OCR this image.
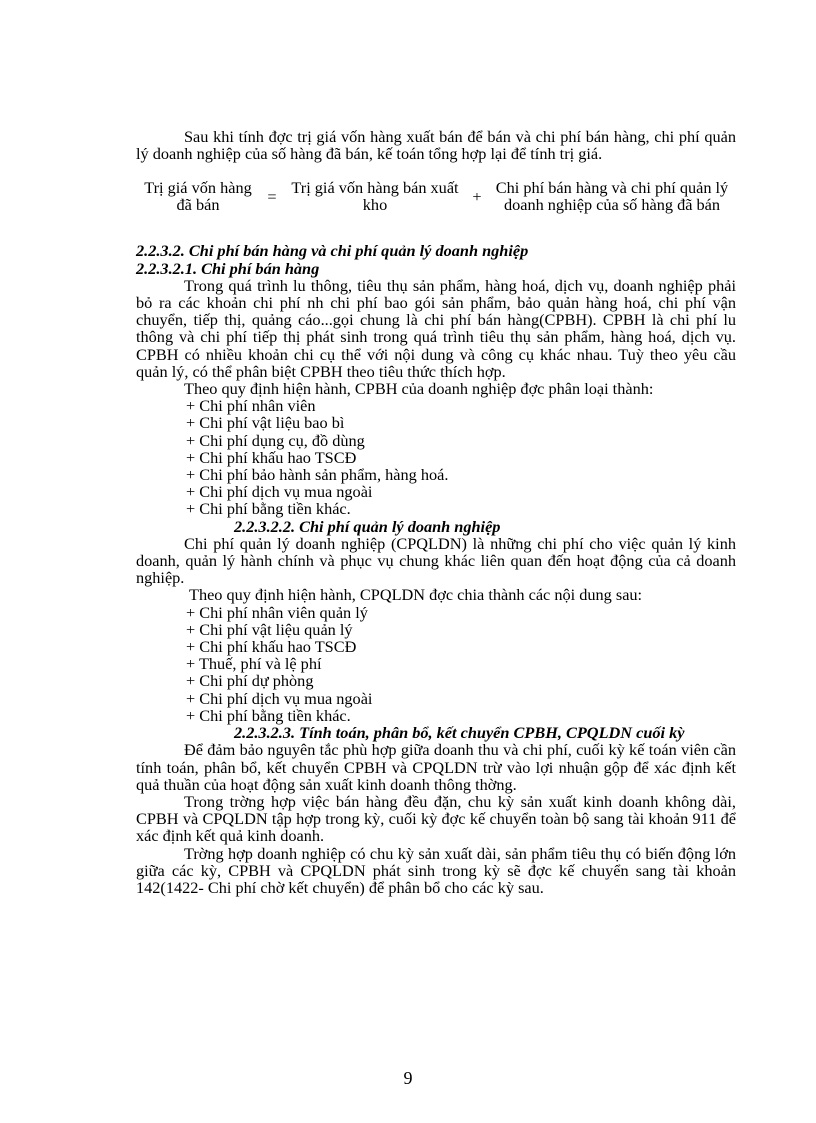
Sau khi tính đợc trị giá vốn hàng xuất bán để bán và chi phí bán hàng, chi phí quản lý doanh nghiệp của số hàng đã bán, kế toán tổng hợp lại để tính trị giá.

Trị giá vốn hàng đã bán	= Trị giá vốn hàng bán xuất kho	+ Chi phí bán hàng và chi phí quản lý doanh nghiệp của số hàng đã bán

2.2.3.2. Chi phí bán hàng và chi phí quản lý doanh nghiệp

2.2.3.2.1. Chi phí bán hàng

Trong quá trình lu thông, tiêu thụ sản phẩm, hàng hoá, dịch vụ, doanh nghiệp phải bỏ ra các khoản chi phí nh chi phí bao gói sản phẩm, bảo quản hàng hoá, chi phí vận chuyển, tiếp thị, quảng cáo...gọi chung là chi phí bán hàng(CPBH). CPBH là chi phí lu thông và chi phí tiếp thị phát sinh trong quá trình tiêu thụ sản phẩm, hàng hoá, dịch vụ. CPBH có nhiều khoản chi cụ thể với nội dung và công cụ khác nhau. Tuỳ theo yêu cầu quản lý, có thể phân biệt CPBH theo tiêu thức thích hợp.

Theo quy định hiện hành, CPBH của doanh nghiệp đợc phân loại thành:

+ Chi phí nhân viên
+ Chi phí vật liệu bao bì
+ Chi phí dụng cụ, đồ dùng
+ Chi phí khấu hao TSCĐ
+ Chi phí bảo hành sản phẩm, hàng hoá.
+ Chi phí dịch vụ mua ngoài
+ Chi phí bằng tiền khác.

2.2.3.2.2. Chi phí quản lý doanh nghiệp

Chi phí quản lý doanh nghiệp (CPQLDN) là những chi phí cho việc quản lý kinh doanh, quản lý hành chính và phục vụ chung khác liên quan đến hoạt động của cả doanh nghiệp.

Theo quy định hiện hành, CPQLDN đợc chia thành các nội dung sau:

+ Chi phí nhân viên quản lý
+ Chi phí vật liệu quản lý
+ Chi phí khấu hao TSCĐ
+ Thuế, phí và lệ phí
+ Chi phí dự phòng
+ Chi phí dịch vụ mua ngoài
+ Chi phí bằng tiền khác.

2.2.3.2.3. Tính toán, phân bổ, kết chuyển CPBH, CPQLDN cuối kỳ

Để đảm bảo nguyên tắc phù hợp giữa doanh thu và chi phí, cuối kỳ kế toán viên cần tính toán, phân bổ, kết chuyển CPBH và CPQLDN trừ vào lợi nhuận gộp để xác định kết quả thuần của hoạt động sản xuất kinh doanh thông thờng.

Trong trờng hợp việc bán hàng đều đặn, chu kỳ sản xuất kinh doanh không dài, CPBH và CPQLDN tập hợp trong kỳ, cuối kỳ đợc kế chuyển toàn bộ sang tài khoản 911 để xác định kết quả kinh doanh.

Trờng hợp doanh nghiệp có chu kỳ sản xuất dài, sản phẩm tiêu thụ có biến động lớn giữa các kỳ, CPBH và CPQLDN phát sinh trong kỳ sẽ đợc kế chuyển sang tài khoản 142(1422- Chi phí chờ kết chuyển) để phân bổ cho các kỳ sau.

9
